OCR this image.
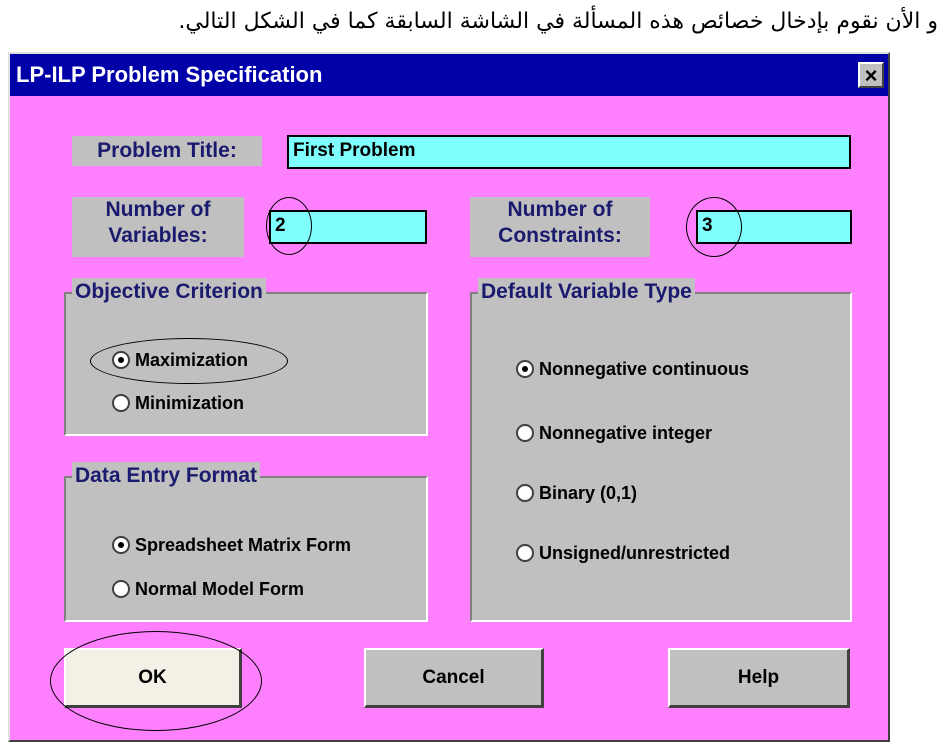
و الأن نقوم بإدخال خصائص هذه المسألة في الشاشة السابقة كما في الشكل التالي.
LP-ILP Problem Specification	×
Problem Title:	First Problem
Number of
Variables:	2
Number of
Constraints:	3
Objective Criterion
Maximization
Minimization
Data Entry Format
Spreadsheet Matrix Form
Normal Model Form
Default Variable Type
Nonnegative continuous
Nonnegative integer
Binary (0,1)
Unsigned/unrestricted
OK	Cancel	Help
